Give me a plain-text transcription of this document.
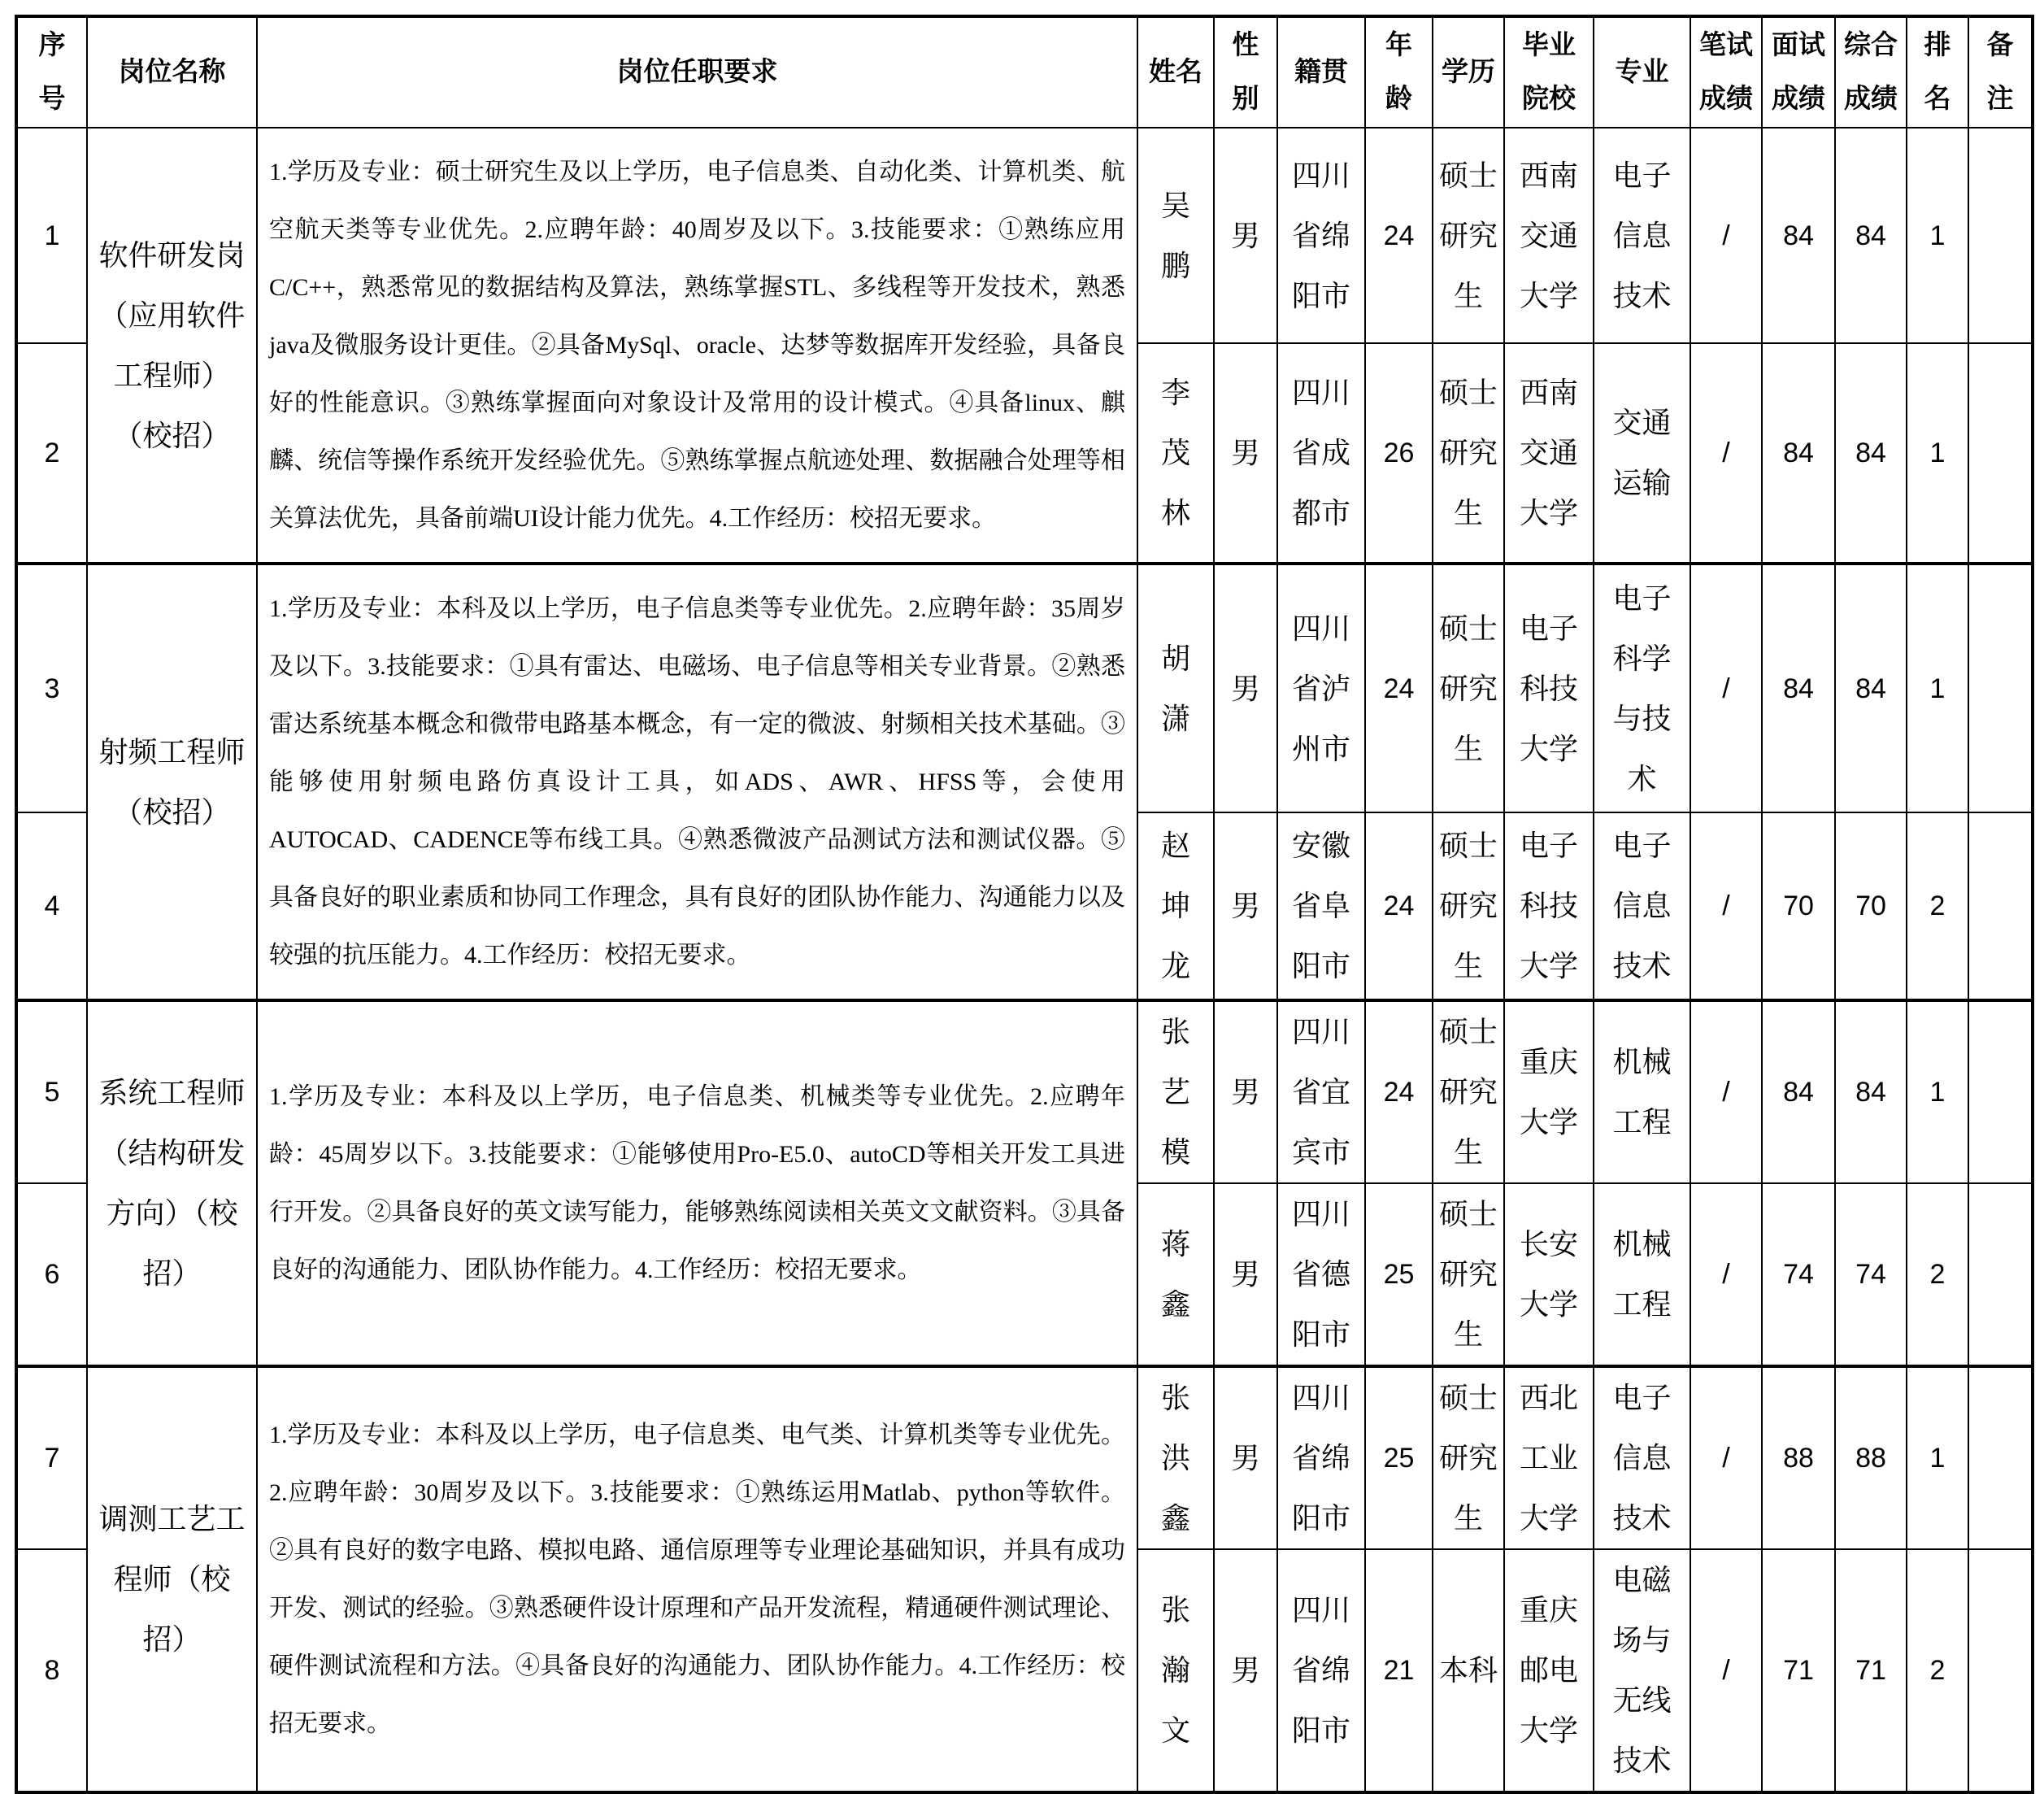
序号	岗位名称	岗位任职要求	姓名	性别	籍贯	年龄	学历	毕业院校	专业	笔试成绩	面试成绩	综合成绩	排名	备注
1	软件研发岗（应用软件工程师）（校招）	1.学历及专业：硕士研究生及以上学历，电子信息类、自动化类、计算机类、航空航天类等专业优先。2.应聘年龄：40周岁及以下。3.技能要求：①熟练应用C/C++，熟悉常见的数据结构及算法，熟练掌握STL、多线程等开发技术，熟悉java及微服务设计更佳。②具备MySql、oracle、达梦等数据库开发经验，具备良好的性能意识。③熟练掌握面向对象设计及常用的设计模式。④具备linux、麒麟、统信等操作系统开发经验优先。⑤熟练掌握点航迹处理、数据融合处理等相关算法优先，具备前端UI设计能力优先。4.工作经历：校招无要求。	吴鹏	男	四川省绵阳市	24	硕士研究生	西南交通大学	电子信息技术	/	84	84	1	
2			李茂林	男	四川省成都市	26	硕士研究生	西南交通大学	交通运输	/	84	84	1	
3	射频工程师（校招）	1.学历及专业：本科及以上学历，电子信息类等专业优先。2.应聘年龄：35周岁及以下。3.技能要求：①具有雷达、电磁场、电子信息等相关专业背景。②熟悉雷达系统基本概念和微带电路基本概念，有一定的微波、射频相关技术基础。③能够使用射频电路仿真设计工具，如ADS、AWR、HFSS等，会使用AUTOCAD、CADENCE等布线工具。④熟悉微波产品测试方法和测试仪器。⑤具备良好的职业素质和协同工作理念，具有良好的团队协作能力、沟通能力以及较强的抗压能力。4.工作经历：校招无要求。	胡潇	男	四川省泸州市	24	硕士研究生	电子科技大学	电子科学与技术	/	84	84	1	
4			赵坤龙	男	安徽省阜阳市	24	硕士研究生	电子科技大学	电子信息技术	/	70	70	2	
5	系统工程师（结构研发方向）（校招）	1.学历及专业：本科及以上学历，电子信息类、机械类等专业优先。2.应聘年龄：45周岁以下。3.技能要求：①能够使用Pro-E5.0、autoCD等相关开发工具进行开发。②具备良好的英文读写能力，能够熟练阅读相关英文文献资料。③具备良好的沟通能力、团队协作能力。4.工作经历：校招无要求。	张艺模	男	四川省宜宾市	24	硕士研究生	重庆大学	机械工程	/	84	84	1	
6			蒋鑫	男	四川省德阳市	25	硕士研究生	长安大学	机械工程	/	74	74	2	
7	调测工艺工程师（校招）	1.学历及专业：本科及以上学历，电子信息类、电气类、计算机类等专业优先。2.应聘年龄：30周岁及以下。3.技能要求：①熟练运用Matlab、python等软件。②具有良好的数字电路、模拟电路、通信原理等专业理论基础知识，并具有成功开发、测试的经验。③熟悉硬件设计原理和产品开发流程，精通硬件测试理论、硬件测试流程和方法。④具备良好的沟通能力、团队协作能力。4.工作经历：校招无要求。	张洪鑫	男	四川省绵阳市	25	硕士研究生	西北工业大学	电子信息技术	/	88	88	1	
8			张瀚文	男	四川省绵阳市	21	本科	重庆邮电大学	电磁场与无线技术	/	71	71	2	
